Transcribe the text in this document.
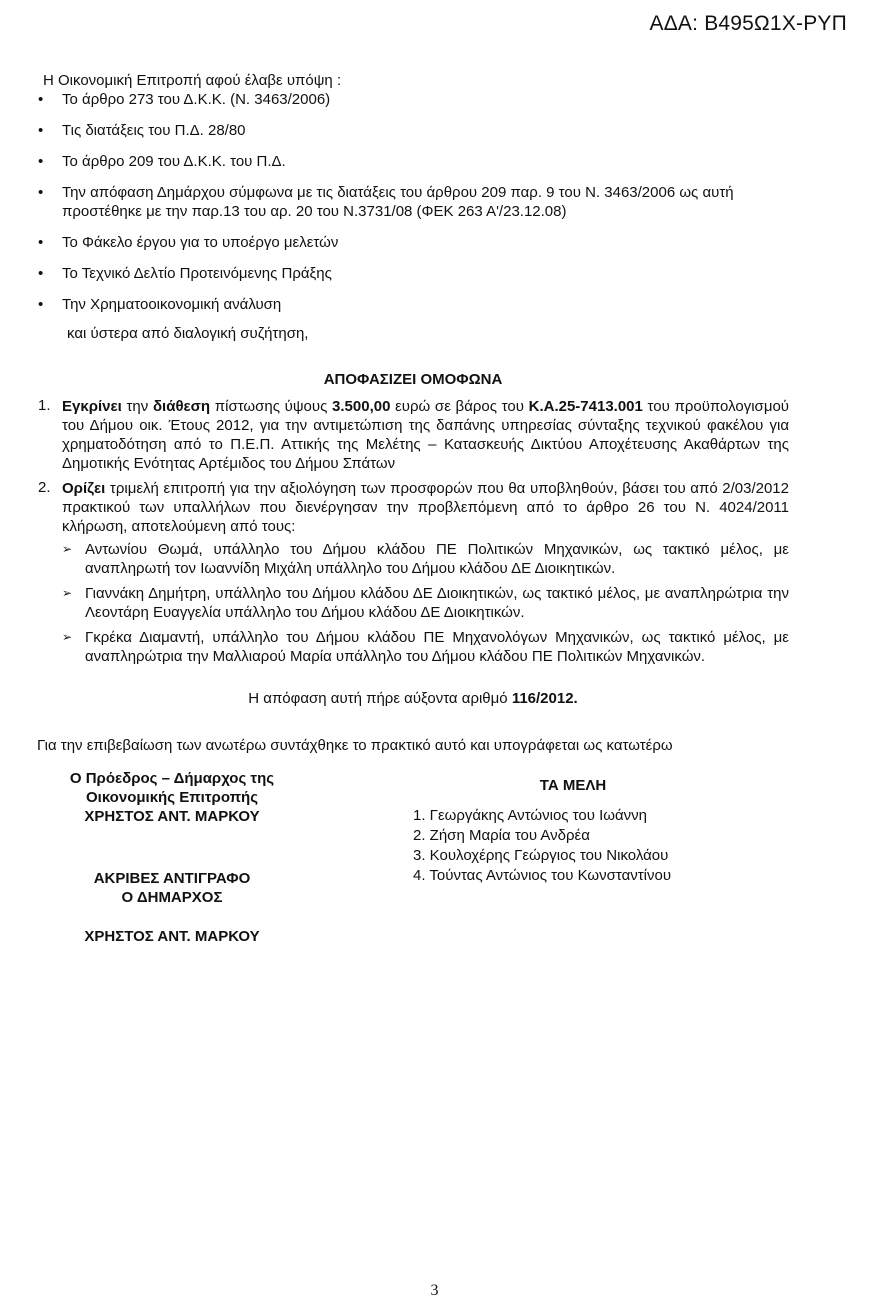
ΑΔΑ: Β495Ω1Χ-ΡΥΠ

Η Οικονομική Επιτροπή αφού έλαβε υπόψη :

• Το άρθρο 273 του Δ.Κ.Κ. (Ν. 3463/2006)
• Τις διατάξεις του Π.Δ. 28/80
• Το άρθρο 209 του Δ.Κ.Κ. του Π.Δ.
• Την απόφαση Δημάρχου σύμφωνα με τις διατάξεις του άρθρου 209 παρ. 9 του Ν. 3463/2006 ως αυτή προστέθηκε με την παρ.13 του αρ. 20 του Ν.3731/08 (ΦΕΚ 263 Α'/23.12.08)
• Το Φάκελο έργου για το υποέργο μελετών
• Το Τεχνικό Δελτίο Προτεινόμενης Πράξης
• Την Χρηματοοικονομική ανάλυση

και ύστερα από διαλογική συζήτηση,

ΑΠΟΦΑΣΙΖΕΙ ΟΜΟΦΩΝΑ

1. Εγκρίνει την διάθεση πίστωσης ύψους 3.500,00 ευρώ σε βάρος του Κ.Α.25-7413.001 του προϋπολογισμού του Δήμου οικ. Έτους 2012, για την αντιμετώπιση της δαπάνης υπηρεσίας σύνταξης τεχνικού φακέλου για χρηματοδότηση από το Π.Ε.Π. Αττικής της Μελέτης – Κατασκευής Δικτύου Αποχέτευσης Ακαθάρτων της Δημοτικής Ενότητας Αρτέμιδος του Δήμου Σπάτων
2. Ορίζει τριμελή επιτροπή για την αξιολόγηση των προσφορών που θα υποβληθούν, βάσει του από 2/03/2012 πρακτικού των υπαλλήλων που διενέργησαν την προβλεπόμενη από το άρθρο 26 του Ν. 4024/2011 κλήρωση, αποτελούμενη από τους:
➢ Αντωνίου Θωμά, υπάλληλο του Δήμου κλάδου ΠΕ Πολιτικών Μηχανικών, ως τακτικό μέλος, με αναπληρωτή τον Ιωαννίδη Μιχάλη υπάλληλο του Δήμου κλάδου ΔΕ Διοικητικών.
➢ Γιαννάκη Δημήτρη, υπάλληλο του Δήμου κλάδου ΔΕ Διοικητικών, ως τακτικό μέλος, με αναπληρώτρια την Λεοντάρη Ευαγγελία υπάλληλο του Δήμου κλάδου ΔΕ Διοικητικών.
➢ Γκρέκα Διαμαντή, υπάλληλο του Δήμου κλάδου ΠΕ Μηχανολόγων Μηχανικών, ως τακτικό μέλος, με αναπληρώτρια την Μαλλιαρού Μαρία υπάλληλο του Δήμου κλάδου ΠΕ Πολιτικών Μηχανικών.

Η απόφαση αυτή πήρε αύξοντα αριθμό 116/2012.

Για την επιβεβαίωση των ανωτέρω συντάχθηκε το πρακτικό αυτό και υπογράφεται ως κατωτέρω

Ο Πρόεδρος – Δήμαρχος της
Οικονομικής Επιτροπής
ΧΡΗΣΤΟΣ ΑΝΤ. ΜΑΡΚΟΥ
ΑΚΡΙΒΕΣ ΑΝΤΙΓΡΑΦΟ
Ο ΔΗΜΑΡΧΟΣ
ΧΡΗΣΤΟΣ ΑΝΤ. ΜΑΡΚΟΥ
ΤΑ ΜΕΛΗ
1. Γεωργάκης Αντώνιος του Ιωάννη
2. Ζήση Μαρία του Ανδρέα
3. Κουλοχέρης Γεώργιος του Νικολάου
4. Τούντας Αντώνιος του Κωνσταντίνου
3
